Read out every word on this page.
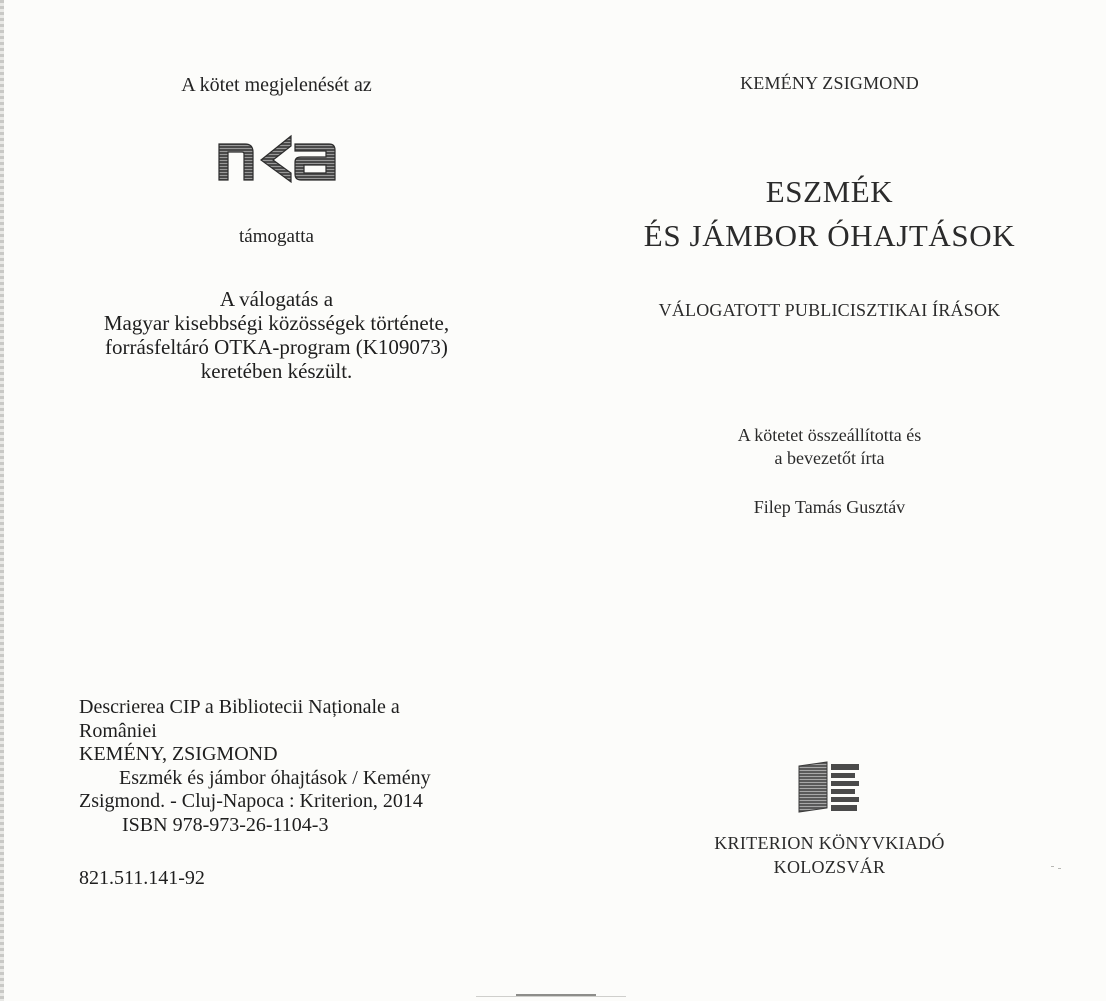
A kötet megjelenését az
támogatta
A válogatás a
Magyar kisebbségi közösségek története,
forrásfeltáró OTKA-program (K109073)
keretében készült.
Descrierea CIP a Bibliotecii Naționale a
României
KEMÉNY, ZSIGMOND
Eszmék és jámbor óhajtások / Kemény
Zsigmond. - Cluj-Napoca : Kriterion, 2014
ISBN 978-973-26-1104-3
821.511.141-92
KEMÉNY ZSIGMOND
ESZMÉK
ÉS JÁMBOR ÓHAJTÁSOK
VÁLOGATOTT PUBLICISZTIKAI ÍRÁSOK
A kötetet összeállította és
a bevezetőt írta
Filep Tamás Gusztáv
KRITERION KÖNYVKIADÓ
KOLOZSVÁR
